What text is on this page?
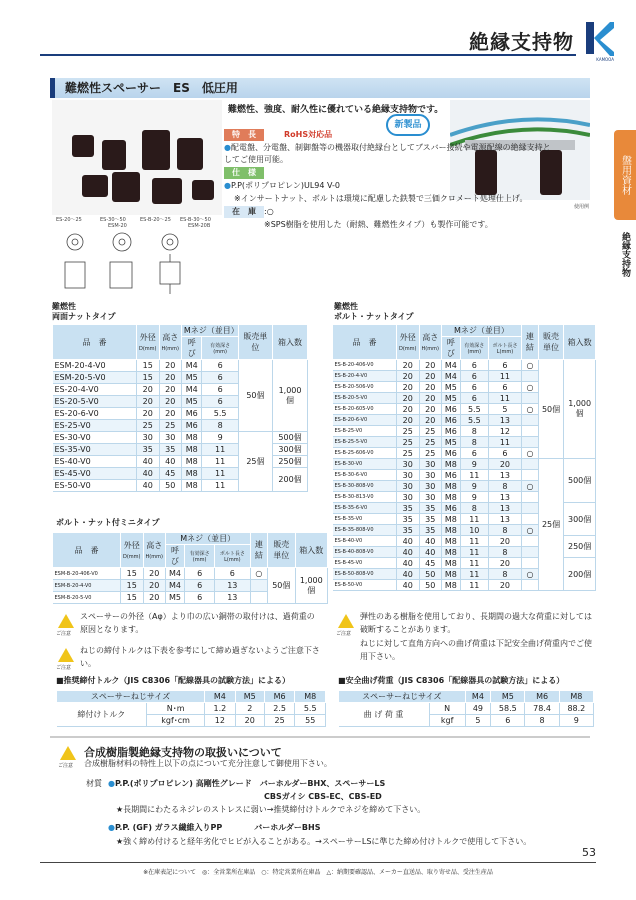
絶縁支持物
KAMOOA
盤用資材
絶縁支持物
難燃性スペーサー　ES　低圧用
ES-20～25	ES-30～50
ESM-20
ES-B-20～25 ES-B-30～50
ESM-20B
使用例
難燃性、強度、耐久性に優れている絶縁支持物です。
新製品

特　長	RoHS対応品

●配電盤、分電盤、制御盤等の機器取付絶縁台としてブスバー接続や電源配線の絶縁支持としてご使用可能。

仕　様

●P.P(ポリプロピレン)UL94 V-0

※インサートナット、ボルトは環境に配慮した鉄製で三価クロメート処理仕上げ。

在　庫 :○

※SPS樹脂を使用した（耐熱、難燃性タイプ）も製作可能です。

難燃性
両面ナットタイプ
品　番	外径
D(mm)	高さ
H(mm)	Mネジ（並目）		販売単位	箱入数
			呼び	有効深さ(mm)		
ESM-20-4-V0	15	20	M4	6	50個	1,000個
ESM-20-5-V0	15	20	M5	6		
ES-20-4-V0	20	20	M4	6		
ES-20-5-V0	20	20	M5	6		
ES-20-6-V0	20	20	M6	5.5		
ES-25-V0	25	25	M6	8		
ES-30-V0	30	30	M8	9	25個	500個
ES-35-V0	35	35	M8	11		300個
ES-40-V0	40	40	M8	11		250個
ES-45-V0	40	45	M8	11		200個
ES-50-V0	40	50	M8	11		
ボルト・ナット付ミニタイプ
品　番	外径
D(mm)	高さ
H(mm)	Mネジ（並目）			連結	販売単位	箱入数
			呼び	有効深さ(mm)	ボルト長さL(mm)			
ESM-B-20-406-V0	15	20	M4	6	6	○	50個	1,000個
ESM-B-20-4-V0	15	20	M4	6	13			
ESM-B-20-5-V0	15	20	M5	6	13			
難燃性
ボルト・ナットタイプ
品　番	外径
D(mm)	高さ
H(mm)	Mネジ（並目）			連結	販売単位	箱入数
			呼び	有効深さ(mm)	ボルト長さL(mm)			
ES-B-20-406-V0	20	20	M4	6	6	○	50個	1,000個
ES-B-20-4-V0	20	20	M4	6	11			
ES-B-20-506-V0	20	20	M5	6	6	○		
ES-B-20-5-V0	20	20	M5	6	11			
ES-B-20-605-V0	20	20	M6	5.5	5	○		
ES-B-20-6-V0	20	20	M6	5.5	13			
ES-B-25-V0	25	25	M6	8	12			
ES-B-25-5-V0	25	25	M5	8	11			
ES-B-25-606-V0	25	25	M6	6	6	○		
ES-B-30-V0	30	30	M8	9	20		25個	500個
ES-B-30-6-V0	30	30	M6	11	13			
ES-B-30-808-V0	30	30	M8	9	8	○		
ES-B-30-813-V0	30	30	M8	9	13			
ES-B-35-6-V0	35	35	M6	8	13			300個
ES-B-35-V0	35	35	M8	11	13			
ES-B-35-808-V0	35	35	M8	10	8	○		
ES-B-40-V0	40	40	M8	11	20			250個
ES-B-40-808-V0	40	40	M8	11	8			
ES-B-45-V0	40	45	M8	11	20			200個
ES-B-50-808-V0	40	50	M8	11	8	○		
ES-B-50-V0	40	50	M8	11	20			
ご注意
スペーサーの外径（Aφ）より巾の広い銅帯の取付けは、過荷重の原因となります。
ご注意
ねじの締付トルクは下表を参考にして締め過ぎないようご注意下さい。
■推奨締付トルク（JIS C8306「配線器具の試験方法」による）
スペーサーねじサイズ		M4	M5	M6	M8
締付けトルク	N･m	1.2	2	2.5	5.5
	kgf･cm	12	20	25	55
ご注意
弾性のある樹脂を使用しており、長期間の過大な荷重に対しては破断することがあります。
ねじに対して直角方向への曲げ荷重は下記安全曲げ荷重内でご使用下さい。
■安全曲げ荷重（JIS C8306「配線器具の試験方法」による）
スペーサーねじサイズ		M4	M5	M6	M8
曲 げ 荷 重	N	49	58.5	78.4	88.2
	kgf	5	6	8	9
ご注意
合成樹脂製絶縁支持物の取扱いについて
合成樹脂材料の特性上以下の点について充分注意して御使用下さい。
材質 ●P.P.(ポリプロピレン) 高剛性グレード　バーホルダーBHX、スペーサーLS
CBSガイシ CBS-EC、CBS-ED
★長期間にわたるネジレのストレスに弱い→推奨締付けトルクでネジを締めて下さい。
●P.P. (GF) ガラス繊維入りPP　　　　バーホルダーBHS
★強く締め付けると経年劣化でヒビが入ることがある。→スペーサーLSに準じた締め付けトルクで使用して下さい。
53
※在庫表記について　◎：全営業所在庫品　○：特定営業所在庫品　△：納期要確認品、メーカー直送品、取り寄せ品、受注生産品
